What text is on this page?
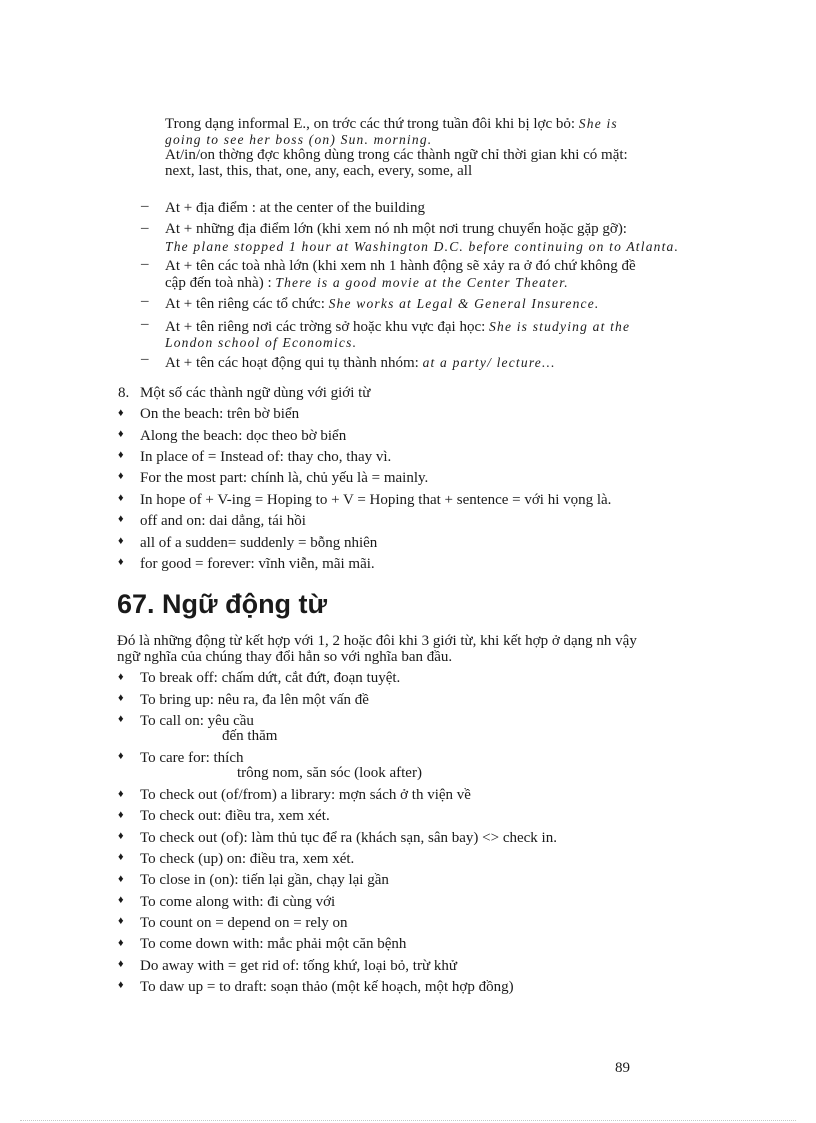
Trong dạng informal E., on trớc các thứ trong tuần đôi khi bị lợc bỏ: She is
going to see her boss (on) Sun. morning.
At/in/on thờng đợc không dùng trong các thành ngữ chỉ thời gian khi có mặt:
next, last, this, that, one, any, each, every, some, all
– At + địa điểm : at the center of the building
– At + những địa điểm lớn (khi xem nó nh một nơi trung chuyển hoặc gặp gỡ):
The plane stopped 1 hour at Washington D.C. before continuing on to Atlanta.
– At + tên các toà nhà lớn (khi xem nh 1 hành động sẽ xảy ra ở đó chứ không đề
cập đến toà nhà) : There is a good movie at the Center Theater.
– At + tên riêng các tổ chức: She works at Legal & General Insurence.
– At + tên riêng nơi các trờng sở hoặc khu vực đại học: She is studying at the
London school of Economics.
– At + tên các hoạt động qui tụ thành nhóm: at a party/ lecture...
8. Một số các thành ngữ dùng với giới từ
♦ On the beach: trên bờ biển
♦ Along the beach: dọc theo bờ biển
♦ In place of = Instead of: thay cho, thay vì.
♦ For the most part: chính là, chủ yếu là = mainly.
♦ In hope of + V-ing = Hoping to + V = Hoping that + sentence = với hi vọng là.
♦ off and on: dai dẳng, tái hồi
♦ all of a sudden= suddenly = bỗng nhiên
♦ for good = forever: vĩnh viễn, mãi mãi.
67. Ngữ động từ
Đó là những động từ kết hợp với 1, 2 hoặc đôi khi 3 giới từ, khi kết hợp ở dạng nh vậy
ngữ nghĩa của chúng thay đổi hẳn so với nghĩa ban đầu.
♦ To break off: chấm dứt, cắt đứt, đoạn tuyệt.
♦ To bring up: nêu ra, đa lên một vấn đề
♦ To call on: yêu cầu
đến thăm
♦ To care for: thích
trông nom, săn sóc (look after)
♦ To check out (of/from) a library: mợn sách ở th viện về
♦ To check out: điều tra, xem xét.
♦ To check out (of): làm thủ tục để ra (khách sạn, sân bay) <> check in.
♦ To check (up) on: điều tra, xem xét.
♦ To close in (on): tiến lại gần, chạy lại gần
♦ To come along with: đi cùng với
♦ To count on = depend on = rely on
♦ To come down with: mắc phải một căn bệnh
♦ Do away with = get rid of: tống khứ, loại bỏ, trừ khử
♦ To daw up = to draft: soạn thảo (một kế hoạch, một hợp đồng)
89
